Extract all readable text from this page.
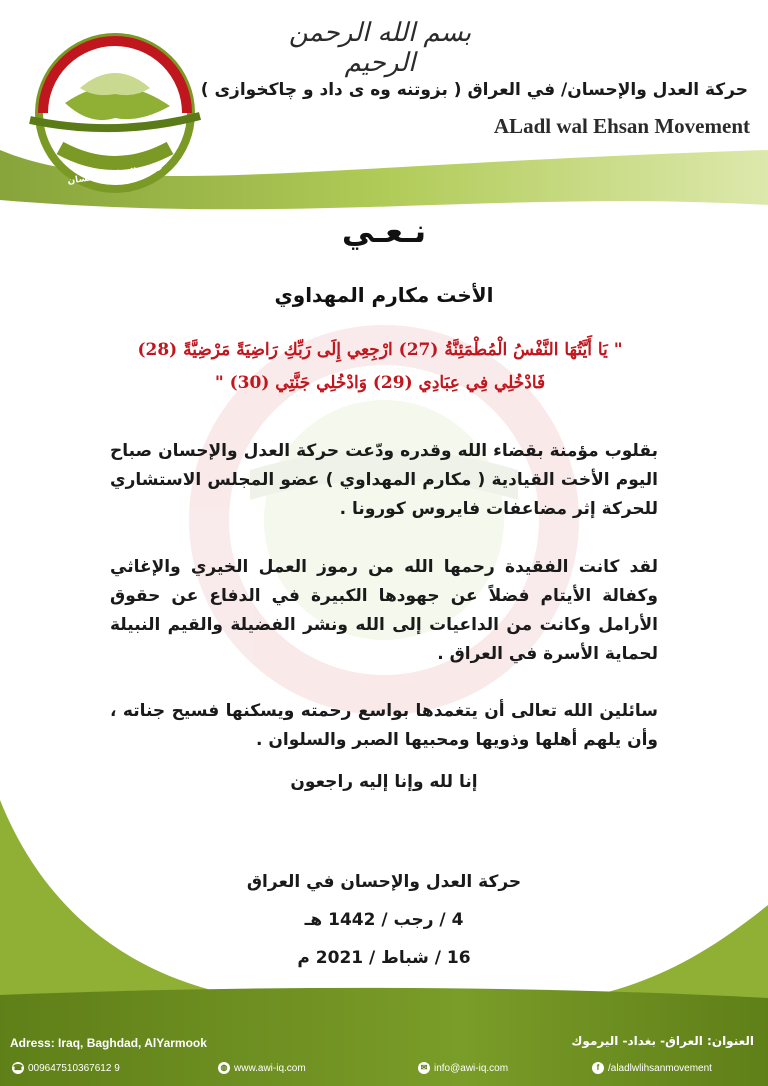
حركة العدل والإحسان
بسم الله الرحمن الرحيم
حركة العدل والإحسان/ في العراق ( بزوتنه وه ى داد و چاكخوازى )
ALadl wal Ehsan Movement
نـعـي
الأخت مكارم المهداوي
" يَا أَيَّتُهَا النَّفْسُ الْمُطْمَئِنَّةُ (27) ارْجِعِي إِلَى رَبِّكِ رَاضِيَةً مَرْضِيَّةً (28)
فَادْخُلِي فِي عِبَادِي (29) وَادْخُلِي جَنَّتِي (30) "
بقلوب مؤمنة بقضاء الله وقدره ودّعت حركة العدل والإحسان صباح اليوم الأخت القيادية ( مكارم المهداوي ) عضو المجلس الاستشاري للحركة إثر مضاعفات فايروس كورونا .
لقد كانت الفقيدة رحمها الله من رموز العمل الخيري والإغاثي وكفالة الأيتام فضلاً عن جهودها الكبيرة في الدفاع عن حقوق الأرامل وكانت من الداعيات إلى الله ونشر الفضيلة والقيم النبيلة لحماية الأسرة في العراق .
سائلين الله تعالى أن يتغمدها بواسع رحمته ويسكنها فسيح جناته ، وأن يلهم أهلها وذويها ومحبيها الصبر والسلوان .
إنا لله وإنا إليه راجعون
حركة العدل والإحسان في العراق
4 / رجب / 1442 هـ
16 / شباط / 2021 م
Adress: Iraq, Baghdad, AlYarmook	العنوان: العراق- بغداد- اليرموك
☎ 009647510367612 9	◍ www.awi-iq.com	✉ info@awi-iq.com	f /aladlwlihsanmovement
